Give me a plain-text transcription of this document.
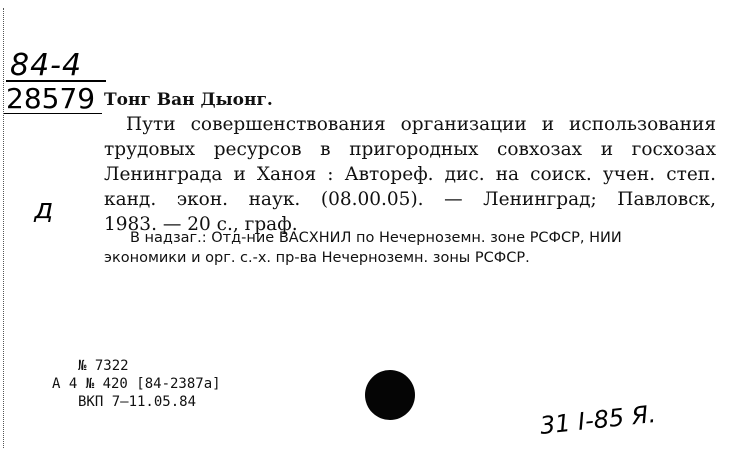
84-4
28579 Тонг Ван Дыонг.
Пути совершенствования организации и использования
трудовых ресурсов в пригородных совхозах и госхозах
Ленинграда и Ханоя : Автореф. дис. на соиск. учен. степ.
канд. экон. наук. (08.00.05). — Ленинград; Павловск,
1983. — 20 с., граф.
В надзаг.: Отд-ние ВАСХНИЛ по Нечерноземн. зоне РСФСР, НИИ
экономики и орг. с.-х. пр-ва Нечерноземн. зоны РСФСР.
д
№ 7322
А 4 № 420 [84-2387а]
ВКП 7—11.05.84	31 I-85 Я.
